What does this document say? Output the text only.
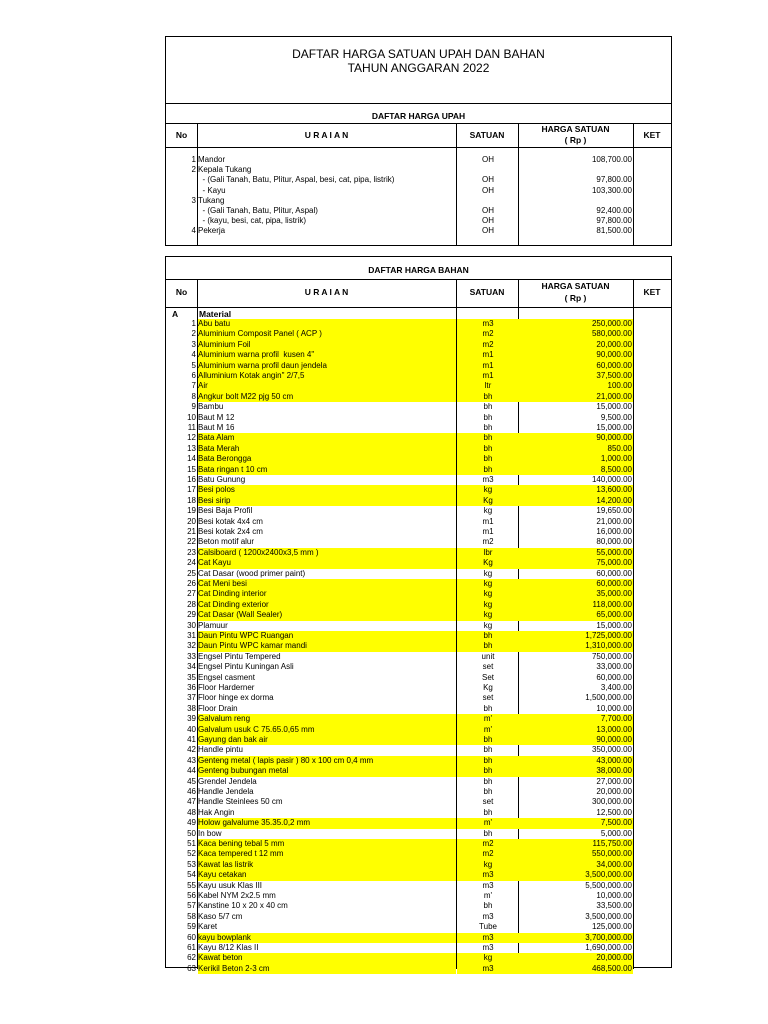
DAFTAR HARGA SATUAN UPAH DAN BAHAN
TAHUN ANGGARAN 2022
DAFTAR HARGA UPAH
No	U R A I A N	SATUAN
HARGA SATUAN
( Rp )	KET
1 Mandor	OH	108,700.00
2 Kepala Tukang
- (Gali Tanah, Batu, Plitur, Aspal, besi, cat, pipa, listrik)	OH	97,800.00
- Kayu	OH	103,300.00
3 Tukang
- (Gali Tanah, Batu, Plitur, Aspal)	OH	92,400.00
- (kayu, besi, cat, pipa, listrik)	OH	97,800.00
4 Pekerja	OH	81,500.00
DAFTAR HARGA BAHAN
No	U R A I A N	SATUAN
HARGA SATUAN
( Rp )
KET
A Material
1 Abu batu	m3	250,000.00
2 Aluminium Composit Panel ( ACP )	m2	580,000.00
3 Aluminium Foil	m2	20,000.00
4 Aluminium warna profil  kusen 4"	m1	90,000.00
5 Aluminium warna profil daun jendela	m1	60,000.00
6 Alluminium Kotak angin" 2/7,5	m1	37,500.00
7 Air	ltr	100.00
8 Angkur bolt M22 pjg 50 cm	bh	21,000.00
9 Bambu	bh	15,000.00
10 Baut M 12	bh	9,500.00
11 Baut M 16	bh	15,000.00
12 Bata Alam	bh	90,000.00
13 Bata Merah	bh	850.00
14 Bata Berongga	bh	1,000.00
15 Bata ringan t 10 cm	bh	8,500.00
16 Batu Gunung	m3	140,000.00
17 Besi polos	kg	13,600.00
18 Besi sirip	Kg	14,200.00
19 Besi Baja Profil	kg	19,650.00
20 Besi kotak 4x4 cm	m1	21,000.00
21 Besi kotak 2x4 cm	m1	16,000.00
22 Beton motif alur	m2	80,000.00
23 Calsiboard ( 1200x2400x3,5 mm )	lbr	55,000.00
24 Cat Kayu	Kg	75,000.00
25 Cat Dasar (wood primer paint)	kg	60,000.00
26 Cat Meni besi	kg	60,000.00
27 Cat Dinding interior	kg	35,000.00
28 Cat Dinding exterior	kg	118,000.00
29 Cat Dasar (Wall Sealer)	kg	65,000.00
30 Plamuur	kg	15,000.00
31 Daun Pintu WPC Ruangan	bh	1,725,000.00
32 Daun Pintu WPC kamar mandi	bh	1,310,000.00
33 Engsel Pintu Tempered	unit	750,000.00
34 Engsel Pintu Kuningan Asli	set	33,000.00
35 Engsel casment	Set	60,000.00
36 Floor Harderner	Kg	3,400.00
37 Floor hinge ex dorma	set	1,500,000.00
38 Floor Drain	bh	10,000.00
39 Galvalum reng	m'	7,700.00
40 Galvalum usuk C 75.65.0,65 mm	m'	13,000.00
41 Gayung dan bak air	bh	90,000.00
42 Handle pintu	bh	350,000.00
43 Genteng metal ( lapis pasir ) 80 x 100 cm 0,4 mm	bh	43,000.00
44 Genteng bubungan metal	bh	38,000.00
45 Grendel Jendela	bh	27,000.00
46 Handle Jendela	bh	20,000.00
47 Handle Steinlees 50 cm	set	300,000.00
48 Hak Angin	bh	12,500.00
49 Holow galvalume 35.35.0,2 mm	m'	7,500.00
50 In bow	bh	5,000.00
51 Kaca bening tebal 5 mm	m2	115,750.00
52 Kaca tempered t 12 mm	m2	550,000.00
53 Kawat las listrik	kg	34,000.00
54 Kayu cetakan	m3	3,500,000.00
55 Kayu usuk Klas III	m3	5,500,000.00
56 Kabel NYM 2x2.5 mm	m'	10,000.00
57 Kanstine 10 x 20 x 40 cm	bh	33,500.00
58 Kaso 5/7 cm	m3	3,500,000.00
59 Karet	Tube	125,000.00
60 kayu bowplank	m3	3,700,000.00
61 Kayu 8/12 Klas II	m3	1,690,000.00
62 Kawat beton	kg	20,000.00
63 Kerikil Beton 2-3 cm	m3	468,500.00
